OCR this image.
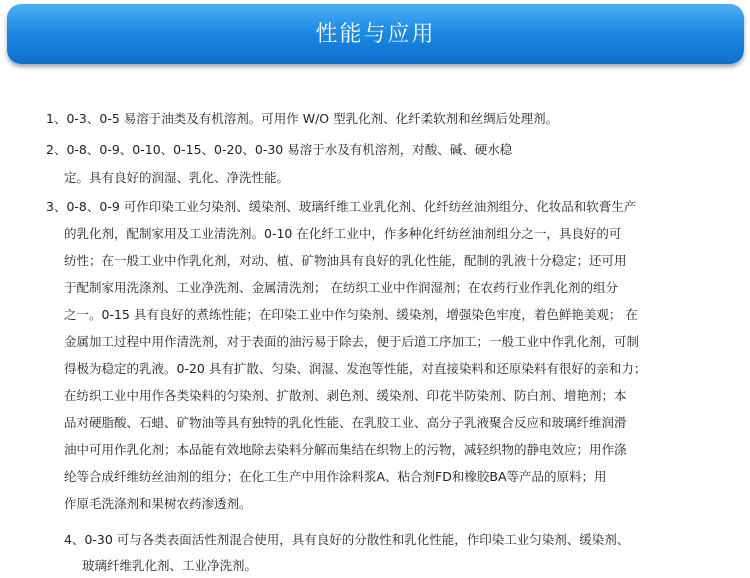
性能与应用
1、0-3、0-5 易溶于油类及有机溶剂。可用作 W/O 型乳化剂、化纤柔软剂和丝绸后处理剂。
2、0-8、0-9、0-10、0-15、0-20、0-30 易溶于水及有机溶剂，对酸、碱、硬水稳
定。具有良好的润湿、乳化、净洗性能。
3、0-8、0-9 可作印染工业匀染剂、缓染剂、玻璃纤维工业乳化剂、化纤纺丝油剂组分、化妆品和软膏生产
的乳化剂，配制家用及工业清洗剂。0-10 在化纤工业中，作多种化纤纺丝油剂组分之一，具良好的可
纺性；在一般工业中作乳化剂，对动、植、矿物油具有良好的乳化性能，配制的乳液十分稳定；还可用
于配制家用洗涤剂、工业净洗剂、金属清洗剂； 在纺织工业中作润湿剂；在农药行业作乳化剂的组分
之一。0-15 具有良好的煮练性能；在印染工业中作匀染剂、缓染剂，增强染色牢度，着色鲜艳美观； 在
金属加工过程中用作清洗剂，对于表面的油污易于除去，便于后道工序加工；一般工业中作乳化剂，可制
得极为稳定的乳液。0-20 具有扩散、匀染、润湿、发泡等性能，对直接染料和还原染料有很好的亲和力；
在纺织工业中用作各类染料的匀染剂、扩散剂、剥色剂、缓染剂、印花半防染剂、防白剂、增艳剂；本
品对硬脂酸、石蜡、矿物油等具有独特的乳化性能、在乳胶工业、高分子乳液聚合反应和玻璃纤维润滑
油中可用作乳化剂；本品能有效地除去染料分解而集结在织物上的污物，减轻织物的静电效应；用作涤
纶等合成纤维纺丝油剂的组分；在化工生产中用作涂料浆A、粘合剂FD和橡胶BA等产品的原料；用
作原毛洗涤剂和果树农药渗透剂。
4、0-30 可与各类表面活性剂混合使用，具有良好的分散性和乳化性能，作印染工业匀染剂、缓染剂、
玻璃纤维乳化剂、工业净洗剂。
